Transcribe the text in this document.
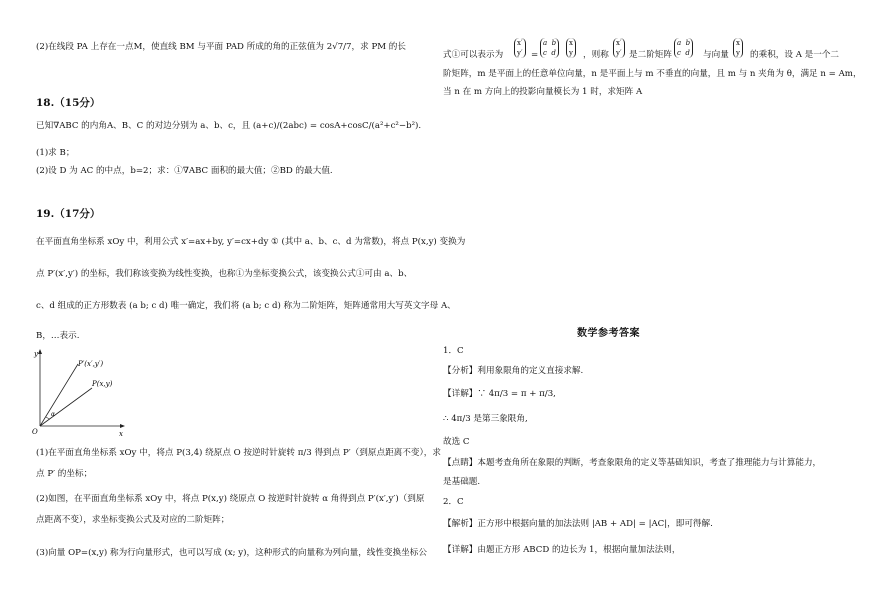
(2)在线段 PA 上存在一点M，使直线 BM 与平面 PAD 所成的角的正弦值为 2√7/7，求 PM 的长
18.（15分）
已知∇ABC 的内角A、B、C 的对边分别为 a、b、c，且 (a+c)/(2abc) = cosA+cosC/(a²+c²−b²).
(1)求 B；
(2)设 D 为 AC 的中点，b=2；求：①∇ABC 面积的最大值；②BD 的最大值.
19.（17分）
在平面直角坐标系 xOy 中，利用公式 x′=ax+by, y′=cx+dy ① (其中 a、b、c、d 为常数)，将点 P(x,y) 变换为
点 P′(x′,y′) 的坐标，我们称该变换为线性变换，也称①为坐标变换公式，该变换公式①可由 a、b、
c、d 组成的正方形数表 (a b; c d) 唯一确定，我们将 (a b; c d) 称为二阶矩阵，矩阵通常用大写英文字母 A、
B，…表示.
y
x
O
P′(x′,y′)
P(x,y)
α
(1)在平面直角坐标系 xOy 中，将点 P(3,4) 绕原点 O 按逆时针旋转 π/3 得到点 P′（到原点距离不变），求
点 P′ 的坐标；
(2)如图，在平面直角坐标系 xOy 中，将点 P(x,y) 绕原点 O 按逆时针旋转 α 角得到点 P′(x′,y′)（到原
点距离不变），求坐标变换公式及对应的二阶矩阵；
(3)向量 OP=(x,y) 称为行向量形式，也可以写成 (x; y)，这种形式的向量称为列向量，线性变换坐标公
式①可以表示为
x′
y′ =
a b
c d
x
y ，则称
x′
y′ 是二阶矩阵
a b
c d 与向量
x
y 的乘积，设 A 是一个二
阶矩阵，m 是平面上的任意单位向量，n 是平面上与 m 不垂直的向量，且 m 与 n 夹角为 θ，满足 n = Am，
当 n 在 m 方向上的投影向量模长为 1 时，求矩阵 A
数学参考答案
1．C
【分析】利用象限角的定义直接求解.
【详解】∵ 4π/3 = π + π/3,
∴ 4π/3 是第三象限角,
故选 C
【点睛】本题考查角所在象限的判断，考查象限角的定义等基础知识，考查了推理能力与计算能力，
是基础题.
2．C
【解析】正方形中根据向量的加法法则 |AB + AD| = |AC|，即可得解.
【详解】由题正方形 ABCD 的边长为 1，根据向量加法法则，
